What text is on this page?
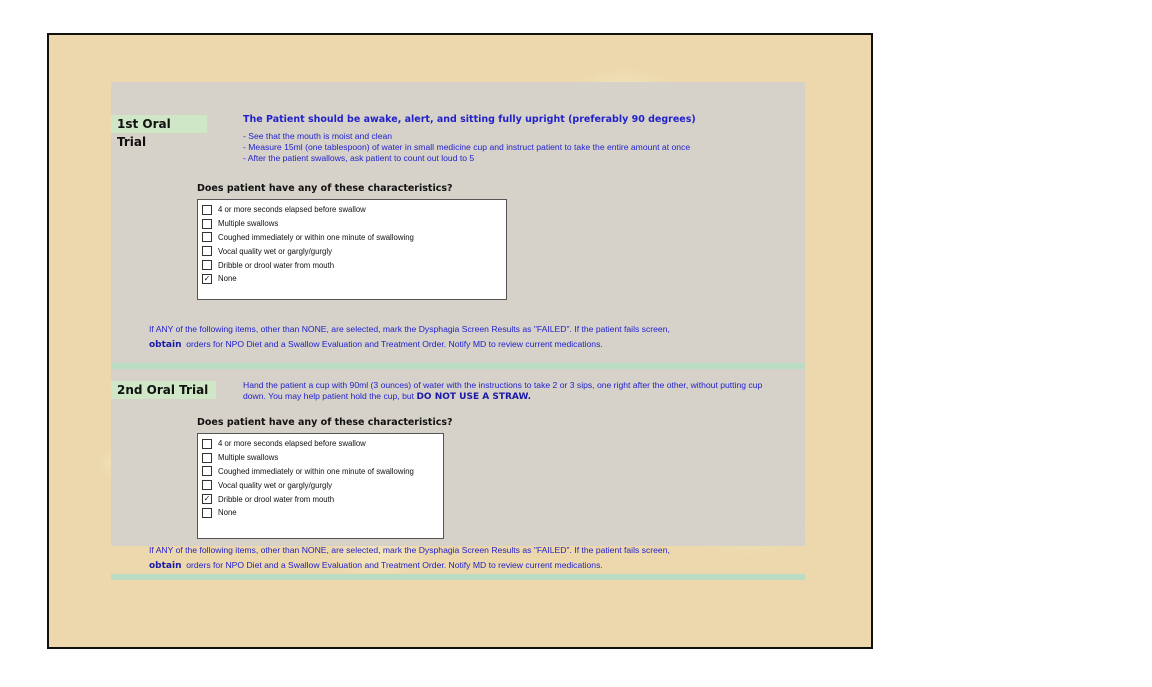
1st Oral Trial
The Patient should be awake, alert, and sitting fully upright (preferably 90 degrees)
- See that the mouth is moist and clean
- Measure 15ml (one tablespoon) of water in small medicine cup and instruct patient to take the entire amount at once
- After the patient swallows, ask patient to count out loud to 5
Does patient have any of these characteristics?
4 or more seconds elapsed before swallow
Multiple swallows
Coughed immediately or within one minute of swallowing
Vocal quality wet or gargly/gurgly
Dribble or drool water from mouth
✓ None
If ANY of the following items, other than NONE, are selected, mark the Dysphagia Screen Results as "FAILED". If the patient fails screen,
obtain orders for NPO Diet and a Swallow Evaluation and Treatment Order. Notify MD to review current medications.
2nd Oral Trial	Hand the patient a cup with 90ml (3 ounces) of water with the instructions to take 2 or 3 sips, one right after the other, without putting cup down. You may help patient hold the cup, but DO NOT USE A STRAW.
Does patient have any of these characteristics?
4 or more seconds elapsed before swallow
Multiple swallows
Coughed immediately or within one minute of swallowing
Vocal quality wet or gargly/gurgly
✓ Dribble or drool water from mouth
None
If ANY of the following items, other than NONE, are selected, mark the Dysphagia Screen Results as "FAILED". If the patient fails screen,
obtain orders for NPO Diet and a Swallow Evaluation and Treatment Order. Notify MD to review current medications.
